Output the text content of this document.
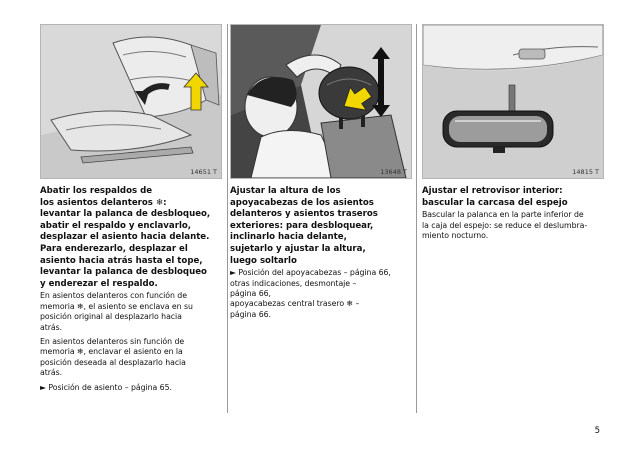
14651 T

Abatir los respaldos de
los asientos delanteros ❄:
levantar la palanca de desbloqueo,
abatir el respaldo y enclavarlo,
desplazar el asiento hacia delante.
Para enderezarlo, desplazar el
asiento hacia atrás hasta el tope,
levantar la palanca de desbloqueo
y enderezar el respaldo.

En asientos delanteros con función de
memoria ❄, el asiento se enclava en su
posición original al desplazarlo hacia
atrás.

En asientos delanteros sin función de
memoria ❄, enclavar el asiento en la
posición deseada al desplazarlo hacia
atrás.

► Posición de asiento – página 65.

13648 T

Ajustar la altura de los
apoyacabezas de los asientos
delanteros y asientos traseros
exteriores: para desbloquear,
inclinarlo hacia delante,
sujetarlo y ajustar la altura,
luego soltarlo

► Posición del apoyacabezas – página 66,
otras indicaciones, desmontaje –
página 66,
apoyacabezas central trasero ❄ –
página 66.

14815 T

Ajustar el retrovisor interior:
bascular la carcasa del espejo

Bascular la palanca en la parte inferior de
la caja del espejo: se reduce el deslumbra-
miento nocturno.

5
